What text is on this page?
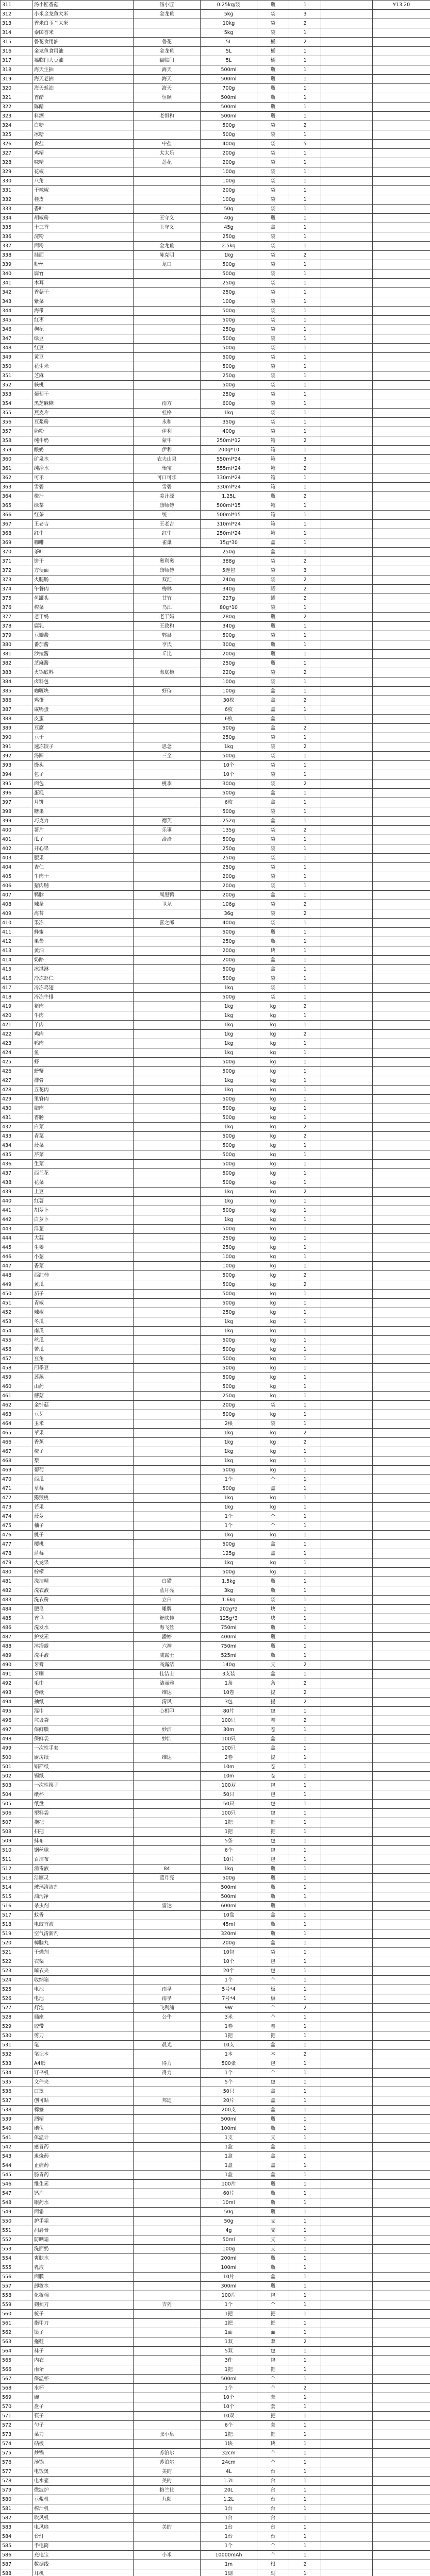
311	汤小匠香菇	汤小匠	0.25kg/袋	瓶	1		¥13.20
312	小米金龙鱼大米	金龙鱼	5kg	袋	3		
313	香米白玉兰大米		10kg	袋	2		
314	泰国香米		5kg	袋	1		
315	鲁花食用油	鲁花	5L	桶	2		
316	金龙鱼食用油	金龙鱼	5L	桶	1		
317	福临门大豆油	福临门	5L	桶	1		
318	海天生抽	海天	500ml	瓶	1		
319	海天老抽	海天	500ml	瓶	1		
320	海天蚝油	海天	700g	瓶	1		
321	香醋	恒顺	500ml	瓶	1		
322	陈醋		500ml	瓶	1		
323	料酒	老恒和	500ml	瓶	1		
324	白糖		500g	袋	2		
325	冰糖		500g	袋	1		
326	食盐	中盐	400g	袋	5		
327	鸡精	太太乐	200g	袋	1		
328	味精	莲花	200g	袋	1		
329	花椒		100g	袋	1		
330	八角		100g	袋	1		
331	干辣椒		200g	袋	1		
332	桂皮		100g	袋	1		
333	香叶		50g	袋	1		
334	胡椒粉	王守义	40g	瓶	1		
335	十三香	王守义	45g	盒	1		
336	淀粉		250g	袋	1		
337	面粉	金龙鱼	2.5kg	袋	1		
338	挂面	陈克明	1kg	袋	2		
339	粉丝	龙口	500g	袋	1		
340	腐竹		500g	袋	1		
341	木耳		250g	袋	1		
342	香菇干		250g	袋	1		
343	紫菜		100g	袋	1		
344	海带		500g	袋	1		
345	红枣		500g	袋	1		
346	枸杞		250g	袋	1		
347	绿豆		500g	袋	1		
348	红豆		500g	袋	1		
349	黄豆		500g	袋	1		
350	花生米		500g	袋	1		
351	芝麻		250g	袋	1		
352	核桃		500g	袋	1		
353	葡萄干		250g	袋	1		
354	黑芝麻糊	南方	600g	袋	1		
355	燕麦片	桂格	1kg	袋	1		
356	豆浆粉	永和	350g	袋	1		
357	奶粉	伊利	400g	袋	1		
358	纯牛奶	蒙牛	250ml*12	箱	2		
359	酸奶	伊利	200g*10	箱	1		
360	矿泉水	农夫山泉	550ml*24	箱	3		
361	纯净水	怡宝	555ml*24	箱	2		
362	可乐	可口可乐	330ml*24	箱	1		
363	雪碧	雪碧	330ml*24	箱	1		
364	橙汁	美汁源	1.25L	瓶	2		
365	绿茶	康师傅	500ml*15	箱	1		
366	红茶	统一	500ml*15	箱	1		
367	王老吉	王老吉	310ml*24	箱	1		
368	红牛	红牛	250ml*24	箱	1		
369	咖啡	雀巢	15g*30	盒	1		
370	茶叶		250g	盒	1		
371	饼干	奥利奥	388g	袋	2		
372	方便面	康师傅	5连包	袋	3		
373	火腿肠	双汇	240g	袋	2		
374	午餐肉	梅林	340g	罐	2		
375	鱼罐头	甘竹	227g	罐	2		
376	榨菜	乌江	80g*10	袋	1		
377	老干妈	老干妈	280g	瓶	2		
378	腐乳	王致和	340g	瓶	1		
379	豆瓣酱	郫县	500g	袋	1		
380	番茄酱	亨氏	300g	瓶	1		
381	沙拉酱	丘比	200g	瓶	1		
382	芝麻酱		250g	瓶	1		
383	火锅底料	海底捞	220g	袋	2		
384	卤料包		100g	袋	1		
385	咖喱块	好侍	100g	盒	1		
386	鸡蛋		30枚	盒	2		
387	咸鸭蛋		6枚	盒	1		
388	皮蛋		6枚	盒	1		
389	豆腐		500g	盒	2		
390	豆干		250g	袋	1		
391	速冻饺子	思念	1kg	袋	2		
392	汤圆	三全	500g	袋	1		
393	馒头		10个	袋	1		
394	包子		10个	袋	1		
395	面包	桃李	300g	袋	2		
396	蛋糕		500g	盒	1		
397	月饼		6枚	盒	1		
398	糖果		500g	袋	1		
399	巧克力	德芙	252g	盒	1		
400	薯片	乐事	135g	袋	2		
401	瓜子	洽洽	500g	袋	1		
402	开心果		250g	袋	1		
403	腰果		250g	袋	1		
404	杏仁		250g	袋	1		
405	牛肉干		200g	袋	1		
406	猪肉脯		200g	袋	1		
407	鸭脖	周黑鸭	200g	盒	1		
408	辣条	卫龙	106g	袋	2		
409	海苔		36g	袋	2		
410	果冻	喜之郎	400g	袋	1		
411	蜂蜜		500g	瓶	1		
412	果酱		250g	瓶	1		
413	黄油		200g	块	1		
414	奶酪		200g	盒	1		
415	冰淇淋		500g	盒	1		
416	冷冻虾仁		500g	袋	1		
417	冷冻鸡翅		1kg	袋	1		
418	冷冻牛排		500g	袋	1		
419	猪肉		1kg	kg	2		
420	牛肉		1kg	kg	1		
421	羊肉		1kg	kg	1		
422	鸡肉		1kg	kg	2		
423	鸭肉		1kg	kg	1		
424	鱼		1kg	kg	1		
425	虾		500g	kg	1		
426	螃蟹		500g	kg	1		
427	排骨		1kg	kg	1		
428	五花肉		1kg	kg	1		
429	里脊肉		500g	kg	1		
430	腊肉		500g	kg	1		
431	香肠		500g	kg	1		
432	白菜		1kg	kg	2		
433	青菜		500g	kg	2		
434	菠菜		500g	kg	1		
435	芹菜		500g	kg	1		
436	生菜		500g	kg	1		
437	西兰花		500g	kg	1		
438	花菜		500g	kg	1		
439	土豆		1kg	kg	2		
440	红薯		1kg	kg	1		
441	胡萝卜		500g	kg	1		
442	白萝卜		1kg	kg	1		
443	洋葱		500g	kg	1		
444	大蒜		250g	kg	1		
445	生姜		250g	kg	1		
446	小葱		100g	kg	1		
447	香菜		100g	kg	1		
448	西红柿		500g	kg	2		
449	黄瓜		500g	kg	2		
450	茄子		500g	kg	1		
451	青椒		500g	kg	1		
452	辣椒		250g	kg	1		
453	冬瓜		1kg	kg	1		
454	南瓜		1kg	kg	1		
455	丝瓜		500g	kg	1		
456	苦瓜		500g	kg	1		
457	豆角		500g	kg	1		
458	四季豆		500g	kg	1		
459	莲藕		500g	kg	1		
460	山药		500g	kg	1		
461	蘑菇		250g	kg	1		
462	金针菇		200g	袋	1		
463	豆芽		500g	kg	1		
464	玉米		2根	袋	1		
465	苹果		1kg	kg	2		
466	香蕉		1kg	kg	2		
467	橙子		1kg	kg	1		
468	梨		1kg	kg	1		
469	葡萄		500g	kg	1		
470	西瓜		1个	个	1		
471	草莓		500g	盒	1		
472	猕猴桃		1kg	kg	1		
473	芒果		1kg	kg	1		
474	菠萝		1个	个	1		
475	柚子		1个	个	1		
476	桃子		1kg	kg	1		
477	樱桃		500g	盒	1		
478	蓝莓		125g	盒	1		
479	火龙果		1kg	kg	1		
480	柠檬		500g	kg	1		
481	洗洁精	白猫	1.5kg	瓶	1		
482	洗衣液	蓝月亮	3kg	瓶	1		
483	洗衣粉	立白	1.6kg	袋	1		
484	肥皂	雕牌	202g*2	块	1		
485	香皂	舒肤佳	125g*3	块	1		
486	洗发水	海飞丝	750ml	瓶	1		
487	护发素	潘婷	400ml	瓶	1		
488	沐浴露	六神	750ml	瓶	1		
489	洗手液	威露士	525ml	瓶	1		
490	牙膏	高露洁	140g	支	2		
491	牙刷	佳洁士	3支装	盒	1		
492	毛巾	洁丽雅	1条	条	2		
493	卷纸	维达	10卷	提	2		
494	抽纸	清风	3包	提	2		
495	湿巾	心相印	80片	包	1		
496	垃圾袋		100只	卷	2		
497	保鲜膜	妙洁	30m	卷	1		
498	保鲜袋	妙洁	100只	盒	1		
499	一次性手套		100只	盒	1		
500	厨房纸	维达	2卷	提	1		
501	铝箔纸		10m	卷	1		
502	锡纸		10m	卷	1		
503	一次性筷子		100双	包	1		
504	纸杯		50只	包	1		
505	纸盘		50只	包	1		
506	塑料袋		100只	包	1		
507	拖把		1把	把	1		
508	扫把		1把	把	1		
509	抹布		5条	包	1		
510	钢丝球		6个	包	1		
511	百洁布		10片	包	1		
512	消毒液	84	1kg	瓶	1		
513	洁厕灵	蓝月亮	500g	瓶	1		
514	玻璃清洁剂		500ml	瓶	1		
515	油污净		500ml	瓶	1		
516	杀虫剂	雷达	600ml	瓶	1		
517	蚊香		10盘	盒	1		
518	电蚊香液		45ml	瓶	1		
519	空气清新剂		320ml	瓶	1		
520	樟脑丸		200g	盒	1		
521	干燥剂		10包	袋	1		
522	衣架		10个	包	1		
523	晾衣夹		20个	包	1		
524	收纳箱		1个	个	1		
525	电池	南孚	5号*4	板	1		
526	电池	南孚	7号*4	板	1		
527	灯泡	飞利浦	9W	个	2		
528	插座	公牛	3米	个	1		
529	胶带		1卷	卷	1		
530	剪刀		1把	把	1		
531	笔	晨光	10支	盒	1		
532	笔记本		1本	本	2		
533	A4纸	得力	500张	包	1		
534	订书机	得力	1个	个	1		
535	文件夹		5个	包	1		
536	口罩		50只	盒	1		
537	创可贴	邦迪	20片	盒	1		
538	棉签		200支	盒	1		
539	酒精		500ml	瓶	1		
540	碘伏		100ml	瓶	1		
541	体温计		1支	支	1		
542	感冒药		1盒	盒	1		
543	退烧药		1盒	盒	1		
544	止痛药		1盒	盒	1		
545	肠胃药		1盒	盒	1		
546	维生素		100片	瓶	1		
547	钙片		60片	瓶	1		
548	眼药水		10ml	瓶	1		
549	面霜		50g	瓶	1		
550	护手霜		50g	支	1		
551	润唇膏		4g	支	1		
552	防晒霜		50ml	支	1		
553	洗面奶		100g	支	1		
554	爽肤水		200ml	瓶	1		
555	乳液		100ml	瓶	1		
556	面膜		10片	盒	1		
557	卸妆水		300ml	瓶	1		
558	化妆棉		100片	包	1		
559	剃须刀	吉列	1个	个	1		
560	梳子		1把	把	1		
561	指甲刀		1把	把	1		
562	镜子		1面	面	1		
563	拖鞋		1双	双	2		
564	袜子		5双	包	1		
565	内衣		3件	包	1		
566	雨伞		1把	把	1		
567	保温杯		500ml	个	1		
568	水杯		1个	个	2		
569	碗		10个	套	1		
570	盘子		10个	套	1		
571	筷子		10双	把	1		
572	勺子		6个	套	1		
573	菜刀	张小泉	1把	把	1		
574	砧板		1块	块	1		
575	炒锅	苏泊尔	32cm	个	1		
576	汤锅	苏泊尔	24cm	个	1		
577	电饭煲	美的	4L	台	1		
578	电水壶	美的	1.7L	台	1		
579	微波炉	格兰仕	20L	台	1		
580	豆浆机	九阳	1.2L	台	1		
581	榨汁机		1台	台	1		
582	吹风机		1台	台	1		
583	电风扇	美的	1台	台	1		
584	台灯		1台	台	1		
585	手电筒		1个	个	1		
586	充电宝	小米	10000mAh	个	1		
587	数据线		1m	根	2		
588	耳机		1副	副	1		
